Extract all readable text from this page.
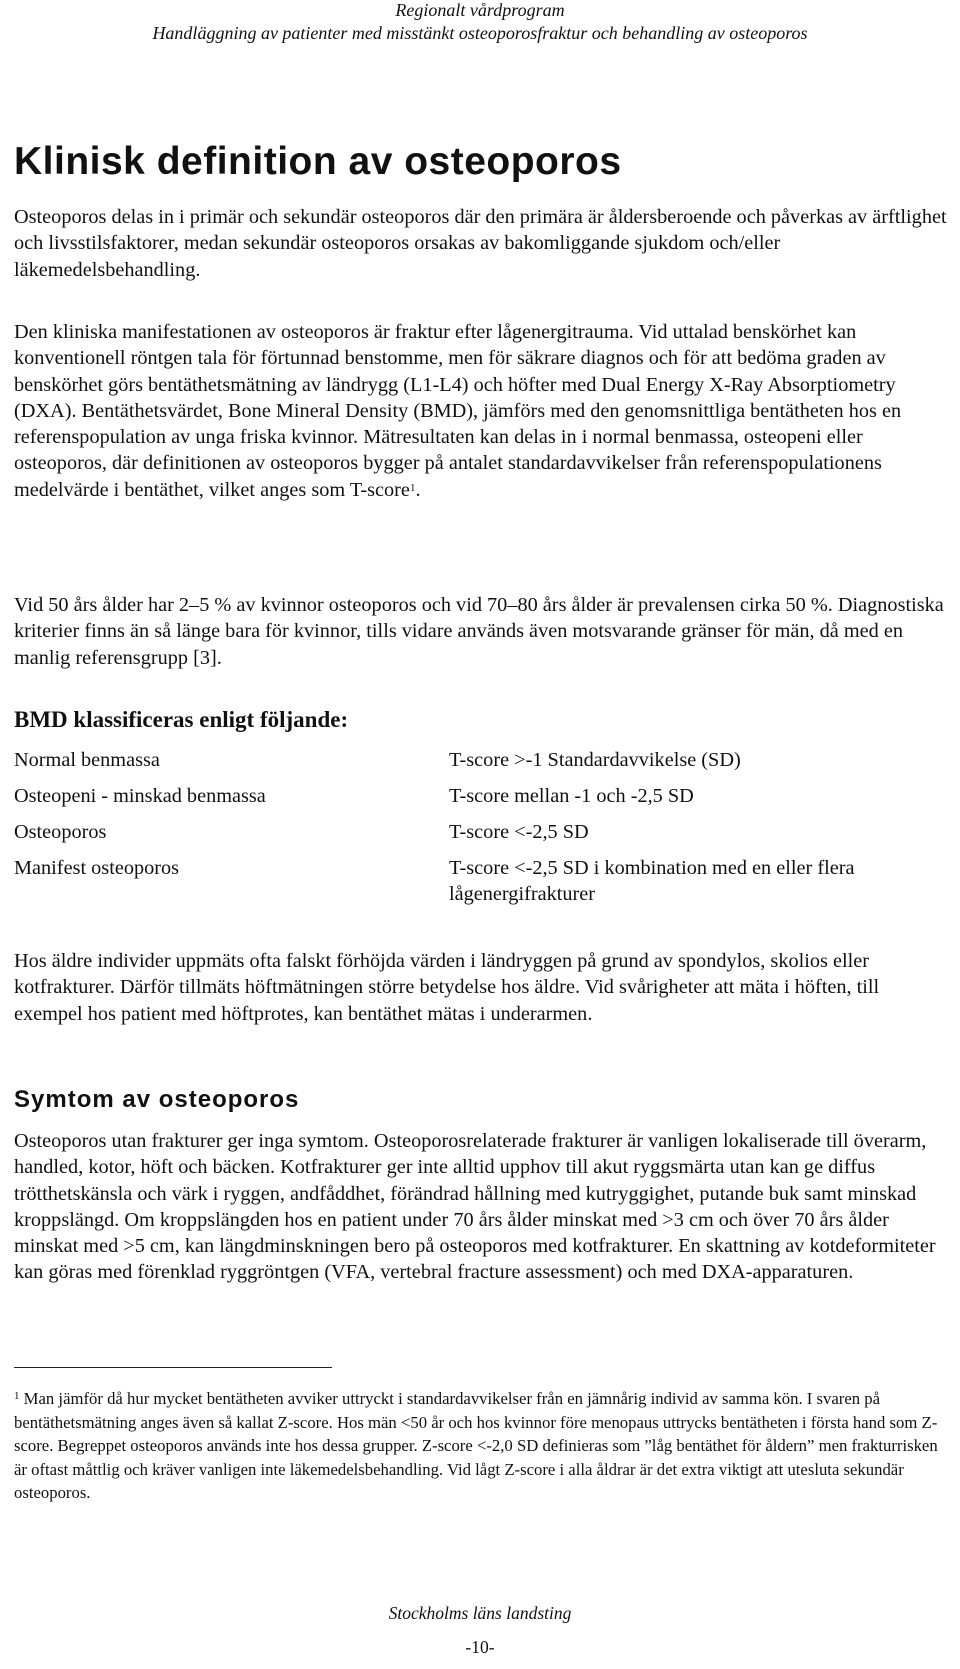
Regionalt vårdprogram
Handläggning av patienter med misstänkt osteoporosfraktur och behandling av osteoporos
Klinisk definition av osteoporos

Osteoporos delas in i primär och sekundär osteoporos där den primära är åldersberoende och påverkas av ärftlighet och livsstilsfaktorer, medan sekundär osteoporos orsakas av bakomliggande sjukdom och/eller läkemedelsbehandling.

Den kliniska manifestationen av osteoporos är fraktur efter lågenergitrauma. Vid uttalad benskörhet kan konventionell röntgen tala för förtunnad benstomme, men för säkrare diagnos och för att bedöma graden av benskörhet görs bentäthetsmätning av ländrygg (L1-L4) och höfter med Dual Energy X-Ray Absorptiometry (DXA). Bentäthetsvärdet, Bone Mineral Density (BMD), jämförs med den genomsnittliga bentätheten hos en referenspopulation av unga friska kvinnor. Mätresultaten kan delas in i normal benmassa, osteopeni eller osteoporos, där definitionen av osteoporos bygger på antalet standardavvikelser från referenspopulationens medelvärde i bentäthet, vilket anges som T-score$^1$.

Vid 50 års ålder har 2–5 % av kvinnor osteoporos och vid 70–80 års ålder är prevalensen cirka 50 %. Diagnostiska kriterier finns än så länge bara för kvinnor, tills vidare används även motsvarande gränser för män, då med en manlig referensgrupp [3].

BMD klassificeras enligt följande:
Normal benmassa	T-score >-1 Standardavvikelse (SD)
Osteopeni - minskad benmassa	T-score mellan -1 och -2,5 SD
Osteoporos	T-score <-2,5 SD
Manifest osteoporos	T-score <-2,5 SD i kombination med en eller flera lågenergifrakturer

Hos äldre individer uppmäts ofta falskt förhöjda värden i ländryggen på grund av spondylos, skolios eller kotfrakturer. Därför tillmäts höftmätningen större betydelse hos äldre. Vid svårigheter att mäta i höften, till exempel hos patient med höftprotes, kan bentäthet mätas i underarmen.

Symtom av osteoporos

Osteoporos utan frakturer ger inga symtom. Osteoporosrelaterade frakturer är vanligen lokaliserade till överarm, handled, kotor, höft och bäcken. Kotfrakturer ger inte alltid upphov till akut ryggsmärta utan kan ge diffus trötthetskänsla och värk i ryggen, andfåddhet, förändrad hållning med kutryggighet, putande buk samt minskad kroppslängd. Om kroppslängden hos en patient under 70 års ålder minskat med >3 cm och över 70 års ålder minskat med >5 cm, kan längdminskningen bero på osteoporos med kotfrakturer. En skattning av kotdeformiteter kan göras med förenklad ryggröntgen (VFA, vertebral fracture assessment) och med DXA-apparaturen.

$^1$ Man jämför då hur mycket bentätheten avviker uttryckt i standardavvikelser från en jämnårig individ av samma kön. I svaren på bentäthetsmätning anges även så kallat Z-score. Hos män <50 år och hos kvinnor före menopaus uttrycks bentätheten i första hand som Z-score. Begreppet osteoporos används inte hos dessa grupper. Z-score <-2,0 SD definieras som ”låg bentäthet för åldern” men frakturrisken är oftast måttlig och kräver vanligen inte läkemedelsbehandling. Vid lågt Z-score i alla åldrar är det extra viktigt att utesluta sekundär osteoporos.

Stockholms läns landsting
-10-
